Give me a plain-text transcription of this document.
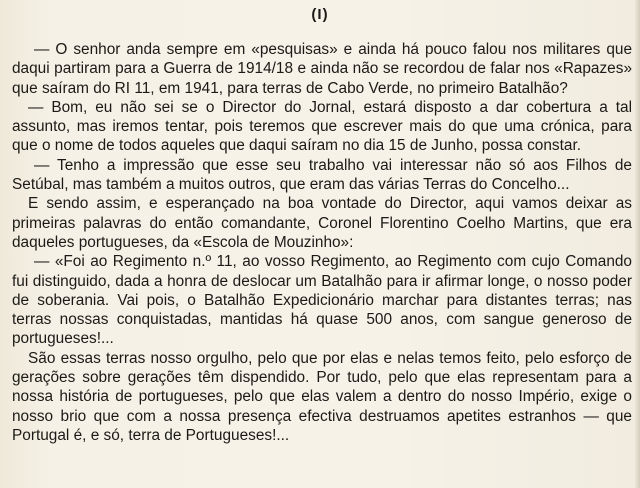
(I)

— O senhor anda sempre em «pesquisas» e ainda há pouco falou nos militares que daqui partiram para a Guerra de 1914/18 e ainda não se recordou de falar nos «Rapazes» que saíram do RI 11, em 1941, para terras de Cabo Verde, no primeiro Batalhão?

— Bom, eu não sei se o Director do Jornal, estará disposto a dar cobertura a tal assunto, mas iremos tentar, pois teremos que escrever mais do que uma crónica, para que o nome de todos aqueles que daqui saíram no dia 15 de Junho, possa constar.

— Tenho a impressão que esse seu trabalho vai interessar não só aos Filhos de Setúbal, mas também a muitos outros, que eram das várias Terras do Concelho...

E sendo assim, e esperançado na boa vontade do Director, aqui vamos deixar as primeiras palavras do então comandante, Coronel Florentino Coelho Martins, que era daqueles portugueses, da «Escola de Mouzinho»:

— «Foi ao Regimento n.º 11, ao vosso Regimento, ao Regimento com cujo Comando fui distinguido, dada a honra de deslocar um Batalhão para ir afirmar longe, o nosso poder de soberania. Vai pois, o Batalhão Expedicionário marchar para distantes terras; nas terras nossas conquistadas, mantidas há quase 500 anos, com sangue generoso de portugueses!...

São essas terras nosso orgulho, pelo que por elas e nelas temos feito, pelo esforço de gerações sobre gerações têm dispendido. Por tudo, pelo que elas representam para a nossa história de portugueses, pelo que elas valem a dentro do nosso Império, exige o nosso brio que com a nossa presença efectiva destruamos apetites estranhos — que Portugal é, e só, terra de Portugueses!...
